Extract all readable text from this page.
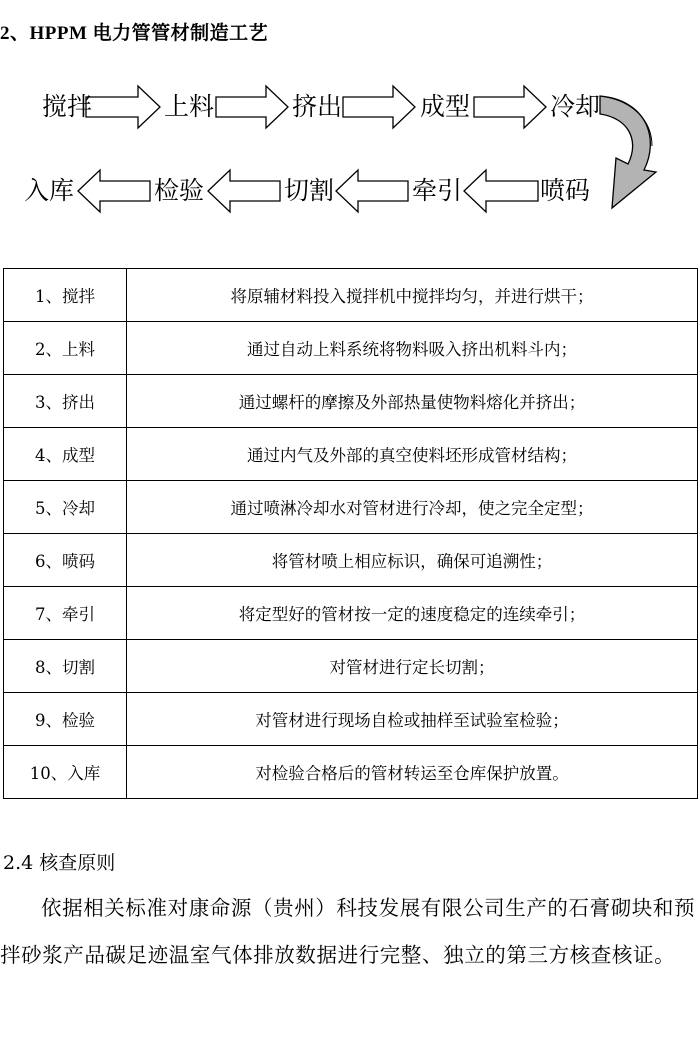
2、HPPM 电力管管材制造工艺
搅拌	上料	挤出	成型	冷却
喷码
牵引
切割
检验
入库
1、搅拌	将原辅材料投入搅拌机中搅拌均匀，并进行烘干；
2、上料	通过自动上料系统将物料吸入挤出机料斗内；
3、挤出	通过螺杆的摩擦及外部热量使物料熔化并挤出；
4、成型	通过内气及外部的真空使料坯形成管材结构；
5、冷却	通过喷淋冷却水对管材进行冷却，使之完全定型；
6、喷码	将管材喷上相应标识，确保可追溯性；
7、牵引	将定型好的管材按一定的速度稳定的连续牵引；
8、切割	对管材进行定长切割；
9、检验	对管材进行现场自检或抽样至试验室检验；
10、入库	对检验合格后的管材转运至仓库保护放置。
2.4 核查原则

依据相关标准对康命源（贵州）科技发展有限公司生产的石膏砌块和预拌砂浆产品碳足迹温室气体排放数据进行完整、独立的第三方核查核证。
